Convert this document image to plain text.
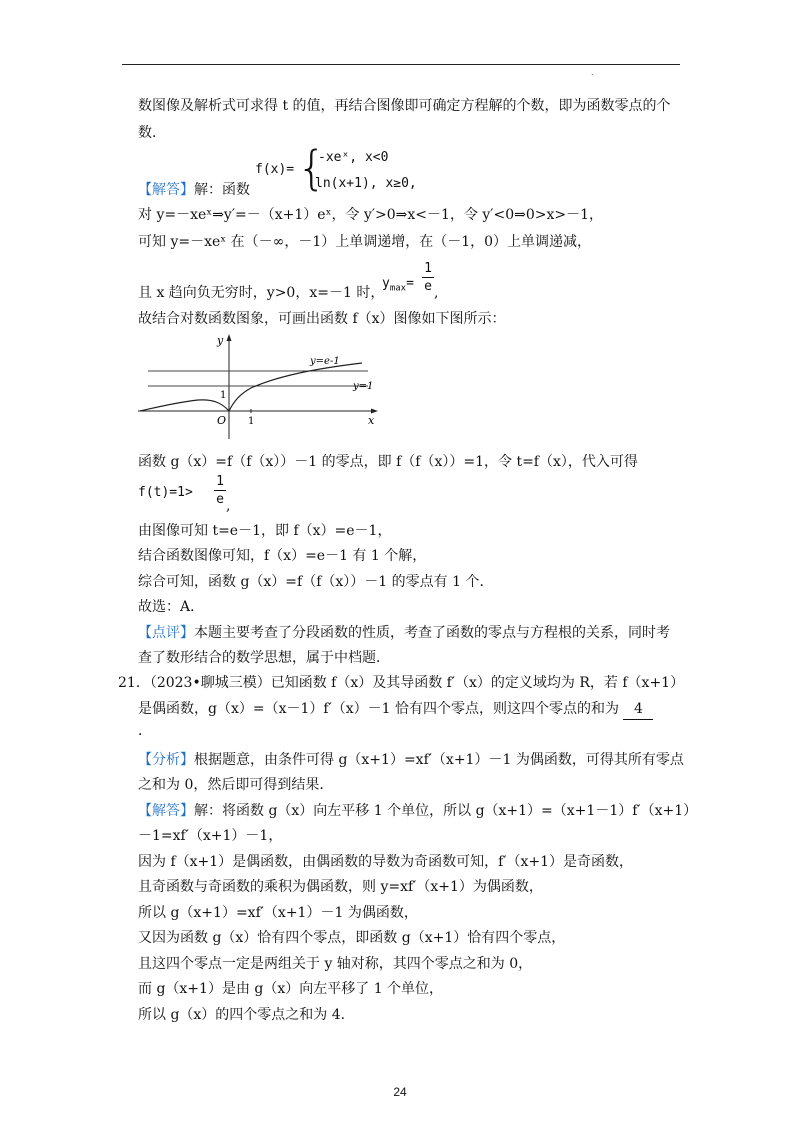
.
数图像及解析式可求得 t 的值，再结合图像即可确定方程解的个数，即为函数零点的个
数．
f(x)= {
-xeˣ, x<0
ln(x+1), x≥0,
【解答】解：函数
对 y=－xeˣ⇒y′=－（x+1）eˣ，令 y′>0⇒x<－1，令 y′<0⇒0>x>－1，
可知 y=－xeˣ 在（－∞，－1）上单调递增，在（－1，0）上单调递减，
且 x 趋向负无穷时，y>0，x=－1 时，
$y_{max}=$
1
e ,
故结合对数函数图象，可画出函数 f（x）图像如下图所示：
y
x
O 1
1
y=e-1
y=1
函数 g（x）=f（f（x））－1 的零点，即 f（f（x））=1，令 t=f（x），代入可得
f(t)=1>
1
e ,
由图像可知 t=e－1，即 f（x）=e－1，
结合函数图像可知，f（x）=e－1 有 1 个解，
综合可知，函数 g（x）=f（f（x））－1 的零点有 1 个．
故选：A．
【点评】本题主要考查了分段函数的性质，考查了函数的零点与方程根的关系，同时考
查了数形结合的数学思想，属于中档题．
21．（2023•聊城三模）已知函数 f（x）及其导函数 f′（x）的定义域均为 R，若 f（x+1）
是偶函数，g（x）=（x－1）f′（x）－1 恰有四个零点，则这四个零点的和为 4
．
【分析】根据题意，由条件可得 g（x+1）=xf′（x+1）－1 为偶函数，可得其所有零点
之和为 0，然后即可得到结果．
【解答】解：将函数 g（x）向左平移 1 个单位，所以 g（x+1）=（x+1－1）f′（x+1）
－1=xf′（x+1）－1，
因为 f（x+1）是偶函数，由偶函数的导数为奇函数可知，f′（x+1）是奇函数，
且奇函数与奇函数的乘积为偶函数，则 y=xf′（x+1）为偶函数，
所以 g（x+1）=xf′（x+1）－1 为偶函数，
又因为函数 g（x）恰有四个零点，即函数 g（x+1）恰有四个零点，
且这四个零点一定是两组关于 y 轴对称，其四个零点之和为 0，
而 g（x+1）是由 g（x）向左平移了 1 个单位，
所以 g（x）的四个零点之和为 4．
24
